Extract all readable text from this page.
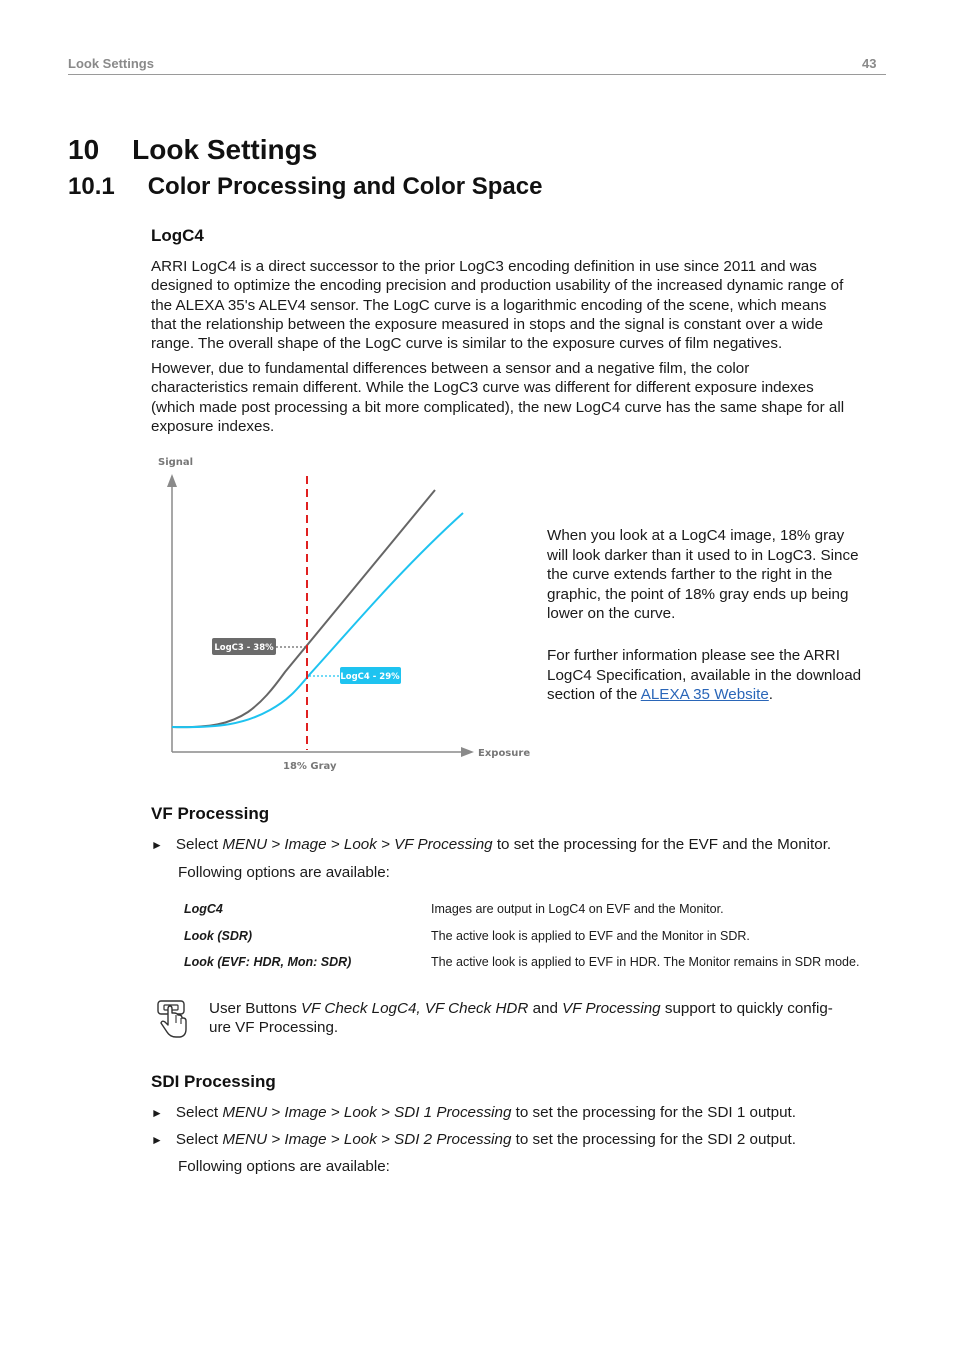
Look Settings	43
10 Look Settings
10.1 Color Processing and Color Space
LogC4
ARRI LogC4 is a direct successor to the prior LogC3 encoding definition in use since 2011 and was
designed to optimize the encoding precision and production usability of the increased dynamic range of
the ALEXA 35's ALEV4 sensor. The LogC curve is a logarithmic encoding of the scene, which means
that the relationship between the exposure measured in stops and the signal is constant over a wide
range. The overall shape of the LogC curve is similar to the exposure curves of film negatives.
However, due to fundamental differences between a sensor and a negative film, the color
characteristics remain different. While the LogC3 curve was different for different exposure indexes
(which made post processing a bit more complicated), the new LogC4 curve has the same shape for all
exposure indexes.
Signal
Exposure
18% Gray
LogC3 - 38%
LogC4 - 29%
When you look at a LogC4 image, 18% gray
will look darker than it used to in LogC3. Since
the curve extends farther to the right in the
graphic, the point of 18% gray ends up being
lower on the curve.
For further information please see the ARRI
LogC4 Specification, available in the download
section of the ALEXA 35 Website.
VF Processing
► Select MENU > Image > Look > VF Processing to set the processing for the EVF and the Monitor.
Following options are available:
LogC4	Images are output in LogC4 on EVF and the Monitor.
Look (SDR)	The active look is applied to EVF and the Monitor in SDR.
Look (EVF: HDR, Mon: SDR)	The active look is applied to EVF in HDR. The Monitor remains in SDR mode.
User Buttons VF Check LogC4, VF Check HDR and VF Processing support to quickly config-
ure VF Processing.
SDI Processing
► Select MENU > Image > Look > SDI 1 Processing to set the processing for the SDI 1 output.
► Select MENU > Image > Look > SDI 2 Processing to set the processing for the SDI 2 output.
Following options are available:
